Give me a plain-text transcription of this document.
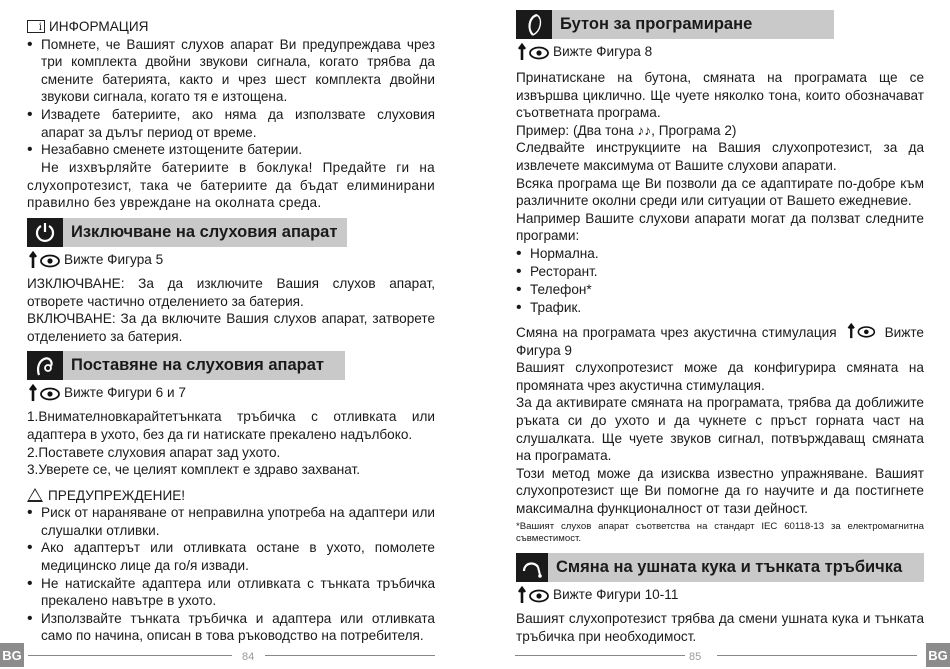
i
ИНФОРМАЦИЯ
• Помнете, че Вашият слухов апарат Ви предупреждава чрез три комплекта двойни звукови сигнала, когато трябва да смените батерията, както и чрез шест комплекта двойни звукови сигнала, когато тя е изтощена.

• Извадете батериите, ако няма да използвате слуховия апарат за дълъг период от време.

• Незабавно сменете изтощените батерии.

Не изхвърляйте батериите в боклука! Предайте ги на слухопротезист, така че батериите да бъдат елиминирани правилно без увреждане на околната среда.

Изключване на слуховия апарат
Вижте Фигура 5

ИЗКЛЮЧВАНЕ: За да изключите Вашия слухов апарат, отворете частично отделението за батерия.

ВКЛЮЧВАНЕ: За да включите Вашия слухов апарат, затворете отделението за батерия.

Поставяне на слуховия апарат
Вижте Фигури 6 и 7

1.Внимателновкарайтетънката тръбичка с отливката или адаптера в ухото, без да ги натискате прекалено надълбоко.

2.Поставете слуховия апарат зад ухото.

3.Уверете се, че целият комплект е здраво захванат.

ПРЕДУПРЕЖДЕНИЕ!
• Риск от нараняване от неправилна употреба на адаптери или слушалки отливки.

• Ако адаптерът или отливката остане в ухото, помолете медицинско лице да го/я извади.

• Не натискайте адаптера или отливката с тънката тръбичка прекалено навътре в ухото.

• Използвайте тънката тръбичка и адаптера или отливката само по начина, описан в това ръководство на потребителя.

BG	84
Бутон за програмиране
Вижте Фигура 8

Принатискане на бутона, смяната на програмата ще се извършва циклично. Ще чуете няколко тона, които обозначават съответната програма.

Пример: (Два тона ♪♪, Програма 2)

Следвайте инструкциите на Вашия слухопротезист, за да извлечете максимума от Вашите слухови апарати.

Всяка програма ще Ви позволи да се адаптирате по-добре към различните околни среди или ситуации от Вашето ежедневие.

Например Вашите слухови апарати могат да ползват следните програми:

• Нормална.

• Ресторант.

• Телефон*

• Трафик.

Смяна на програмата чрез акустична стимулация	Вижте Фигура 9

Вашият слухопротезист може да конфигурира смяната на промяната чрез акустична стимулация.

За да активирате смяната на програмата, трябва да доближите ръката си до ухото и да чукнете с пръст горната част на слушалката. Ще чуете звуков сигнал, потвърждаващ смяната на програмата.

Този метод може да изисква известно упражняване. Вашият слухопротезист ще Ви помогне да го научите и да постигнете максимална функционалност от тази дейност.

*Вашият слухов апарат съответства на стандарт IEC 60118-13 за електромагнитна съвместимост.

Смяна на ушната кука и тънката тръбичка
Вижте Фигури 10-11

Вашият слухопротезист трябва да смени ушната кука и тънката тръбичка при необходимост.

85	BG
